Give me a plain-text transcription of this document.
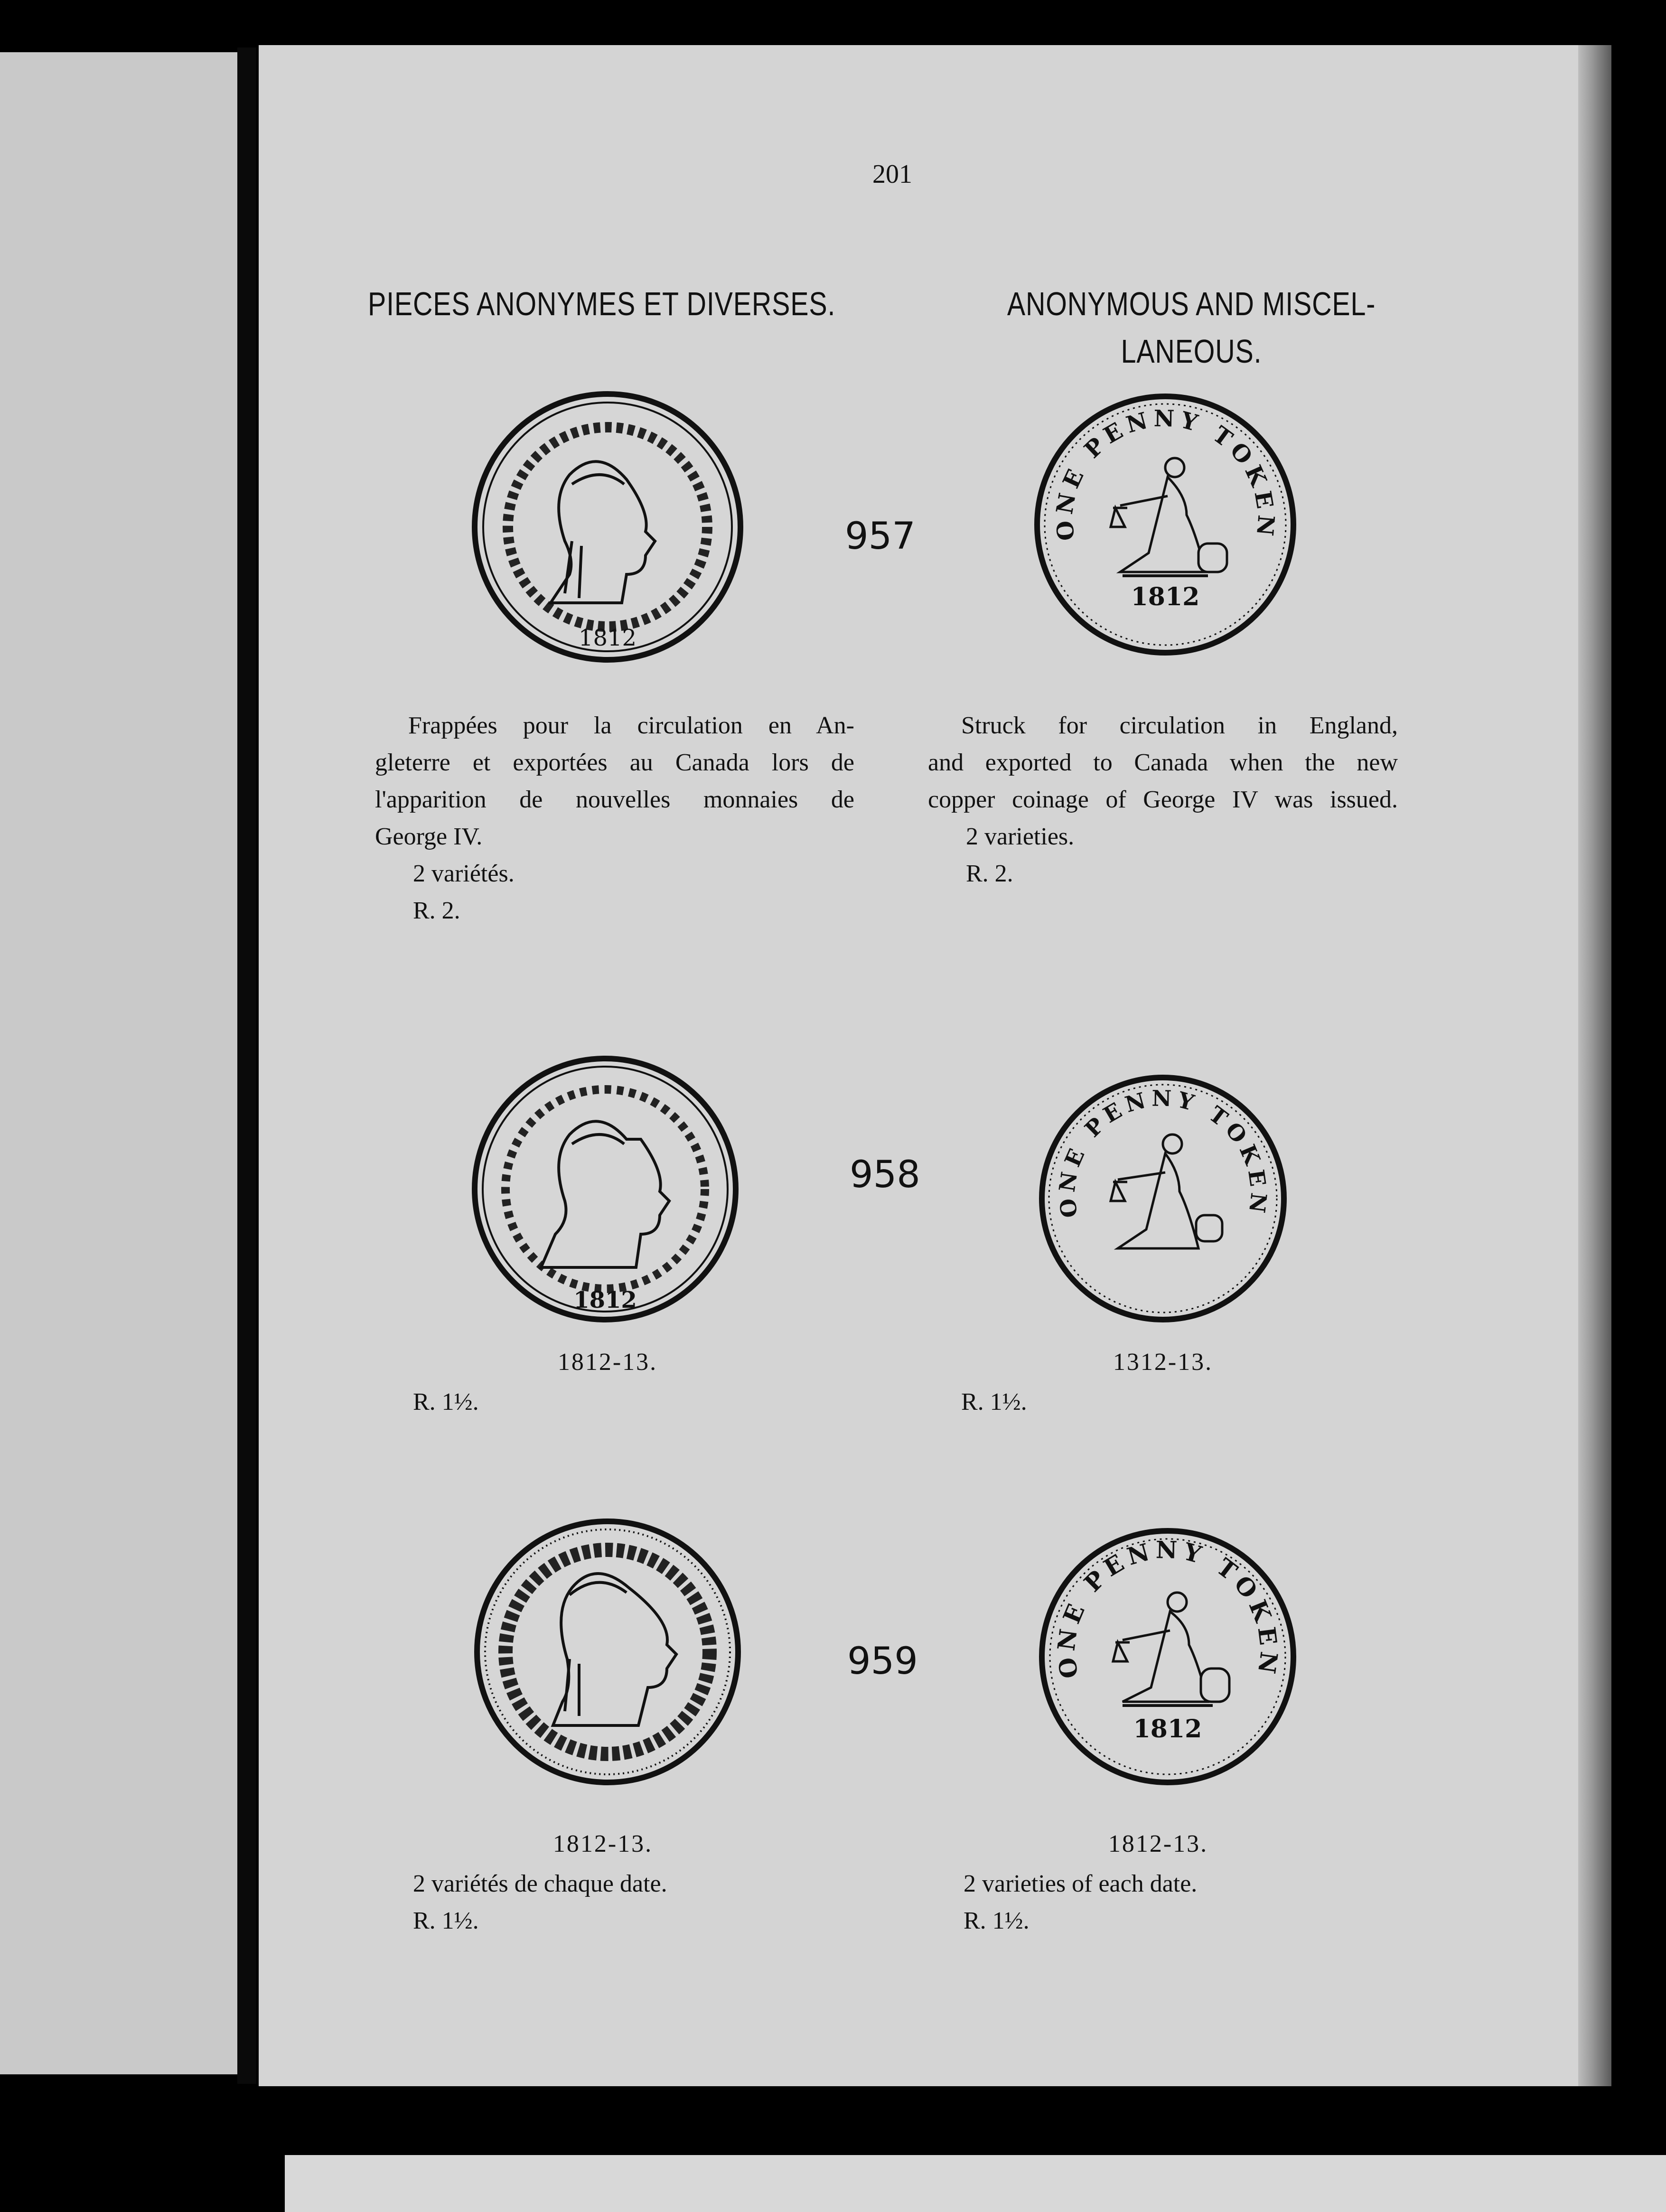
201
PIECES ANONYMES ET DIVERSES.	ANONYMOUS AND MISCEL-
LANEOUS.
1812
957	ONE PENNY TOKEN
1812

Frappées pour la circulation en An-

gleterre et exportées au Canada lors de

l'apparition de nouvelles monnaies de

George IV.

2 variétés.

R. 2.

Struck for circulation in England,

and exported to Canada when the new

copper coinage of George IV was issued.

2 varieties.

R. 2.

1812
958
ONE PENNY TOKEN
1812-13.
R. 1½.
1312-13.
R. 1½.
959	ONE PENNY TOKEN
1812
1812-13.

2 variétés de chaque date.

R. 1½.

1812-13.

2 varieties of each date.

R. 1½.
